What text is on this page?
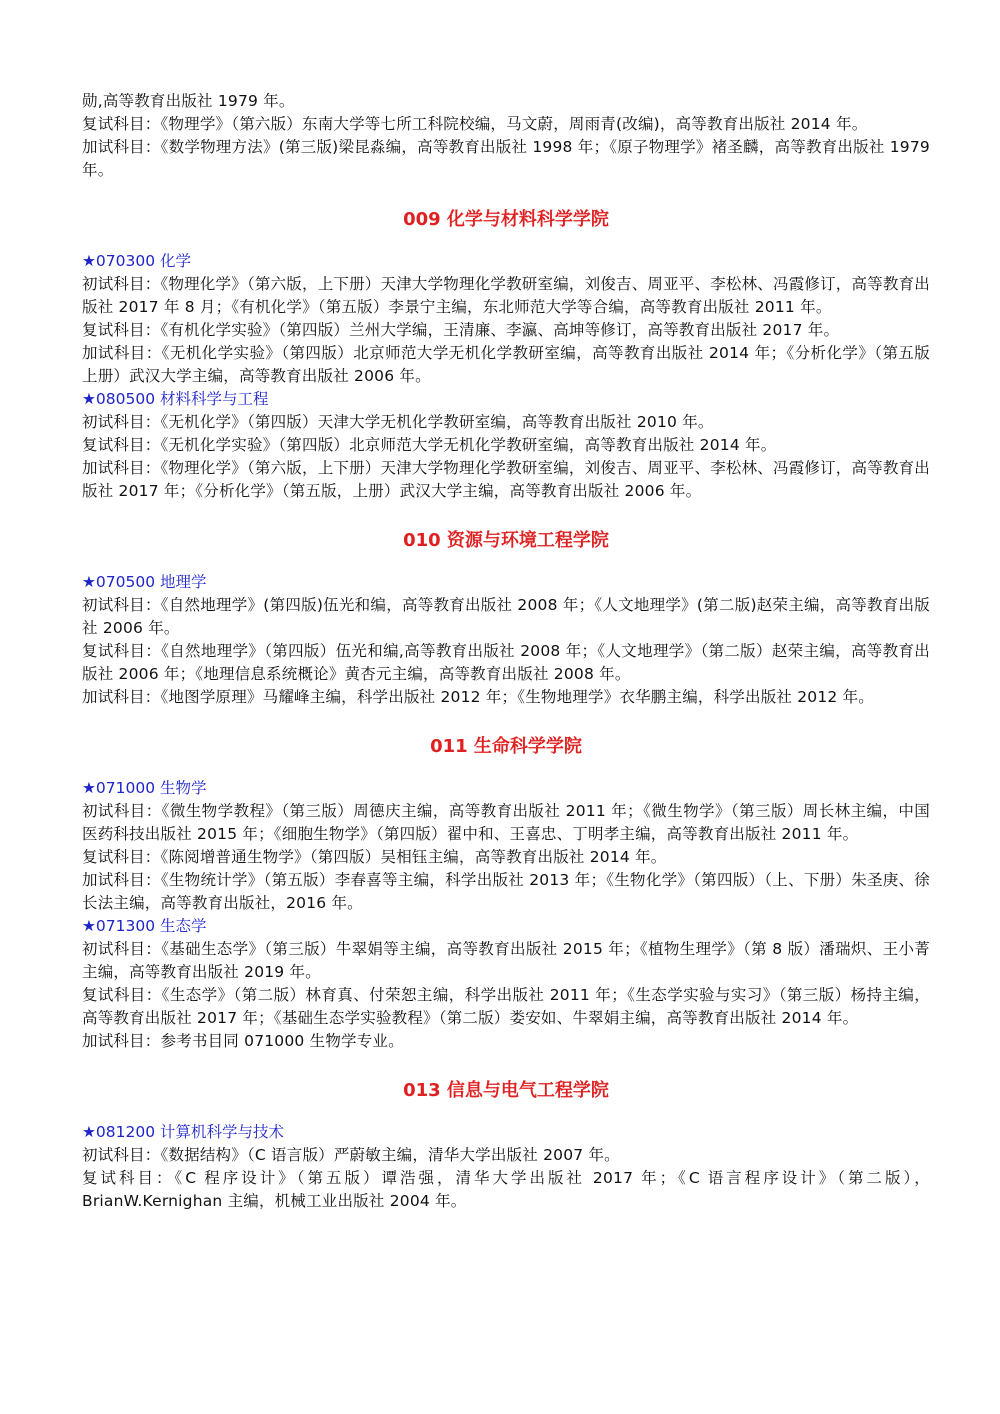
勋,高等教育出版社 1979 年。

复试科目：《物理学》（第六版）东南大学等七所工科院校编，马文蔚，周雨青(改编)，高等教育出版社 2014 年。

加试科目：《数学物理方法》(第三版)梁昆淼编，高等教育出版社 1998 年；《原子物理学》褚圣麟，高等教育出版社 1979 年。

009 化学与材料科学学院

★070300 化学

初试科目：《物理化学》（第六版，上下册）天津大学物理化学教研室编，刘俊吉、周亚平、李松林、冯霞修订，高等教育出版社 2017 年 8 月；《有机化学》（第五版）李景宁主编，东北师范大学等合编，高等教育出版社 2011 年。

复试科目：《有机化学实验》（第四版）兰州大学编，王清廉、李瀛、高坤等修订，高等教育出版社 2017 年。

加试科目：《无机化学实验》（第四版）北京师范大学无机化学教研室编，高等教育出版社 2014 年；《分析化学》（第五版上册）武汉大学主编，高等教育出版社 2006 年。

★080500 材料科学与工程

初试科目：《无机化学》（第四版）天津大学无机化学教研室编，高等教育出版社 2010 年。

复试科目：《无机化学实验》（第四版）北京师范大学无机化学教研室编，高等教育出版社 2014 年。

加试科目：《物理化学》（第六版，上下册）天津大学物理化学教研室编，刘俊吉、周亚平、李松林、冯霞修订，高等教育出版社 2017 年；《分析化学》（第五版，上册）武汉大学主编，高等教育出版社 2006 年。

010 资源与环境工程学院

★070500 地理学

初试科目：《自然地理学》(第四版)伍光和编，高等教育出版社 2008 年；《人文地理学》(第二版)赵荣主编，高等教育出版社 2006 年。

复试科目：《自然地理学》（第四版）伍光和编,高等教育出版社 2008 年；《人文地理学》（第二版）赵荣主编，高等教育出版社 2006 年；《地理信息系统概论》黄杏元主编，高等教育出版社 2008 年。

加试科目：《地图学原理》马耀峰主编，科学出版社 2012 年；《生物地理学》衣华鹏主编，科学出版社 2012 年。

011 生命科学学院

★071000 生物学

初试科目：《微生物学教程》（第三版）周德庆主编，高等教育出版社 2011 年；《微生物学》（第三版）周长林主编，中国医药科技出版社 2015 年；《细胞生物学》（第四版）翟中和、王喜忠、丁明孝主编，高等教育出版社 2011 年。

复试科目：《陈阅增普通生物学》（第四版）吴相钰主编，高等教育出版社 2014 年。

加试科目：《生物统计学》（第五版）李春喜等主编，科学出版社 2013 年；《生物化学》（第四版）（上、下册）朱圣庚、徐长法主编，高等教育出版社，2016 年。

★071300 生态学

初试科目：《基础生态学》（第三版）牛翠娟等主编，高等教育出版社 2015 年；《植物生理学》（第 8 版）潘瑞炽、王小菁主编，高等教育出版社 2019 年。

复试科目：《生态学》（第二版）林育真、付荣恕主编，科学出版社 2011 年；《生态学实验与实习》（第三版）杨持主编，高等教育出版社 2017 年；《基础生态学实验教程》（第二版）娄安如、牛翠娟主编，高等教育出版社 2014 年。

加试科目：参考书目同 071000 生物学专业。

013 信息与电气工程学院

★081200 计算机科学与技术

初试科目：《数据结构》（C 语言版）严蔚敏主编，清华大学出版社 2007 年。

复试科目：《C 程序设计》（第五版）谭浩强，清华大学出版社 2017 年；《C 语言程序设计》（第二版），BrianW.Kernighan 主编，机械工业出版社 2004 年。
